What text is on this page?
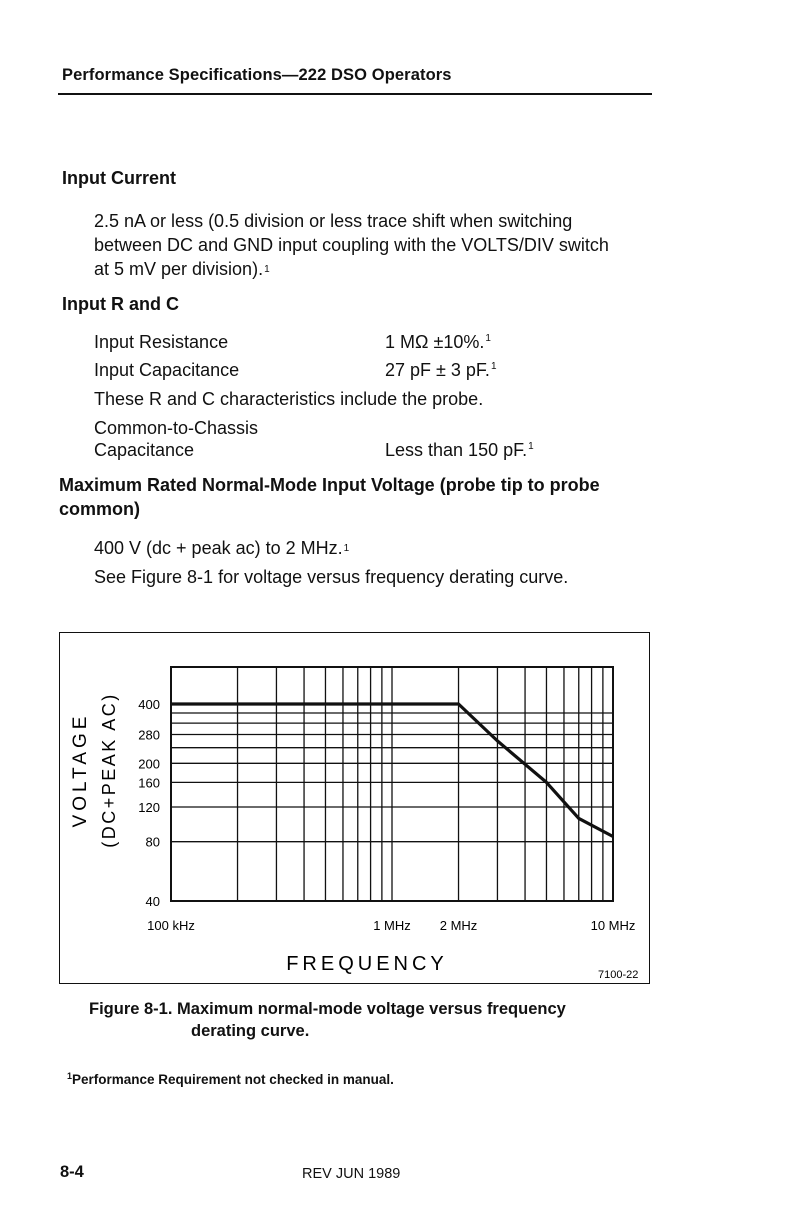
Performance Specifications—222 DSO Operators
Input Current
2.5 nA or less (0.5 division or less trace shift when switching
between DC and GND input coupling with the VOLTS/DIV switch
at 5 mV per division).$^1$
Input R and C
Input Resistance	1 MΩ ±10%.$^1$
Input Capacitance	27 pF ± 3 pF.$^1$
These R and C characteristics include the probe.
Common-to-Chassis
Capacitance	Less than 150 pF.$^1$
Maximum Rated Normal-Mode Input Voltage (probe tip to probe
common)
400 V (dc + peak ac) to 2 MHz.$^1$
See Figure 8-1 for voltage versus frequency derating curve.
400
280
200
160
120
80
40
100 kHz	1 MHz 2 MHz	10 MHz
VOLTAGE (DC+PEAK AC)
FREQUENCY	7100-22
Figure 8-1. Maximum normal-mode voltage versus frequency
derating curve.
$^1$Performance Requirement not checked in manual.
8-4	REV JUN 1989
